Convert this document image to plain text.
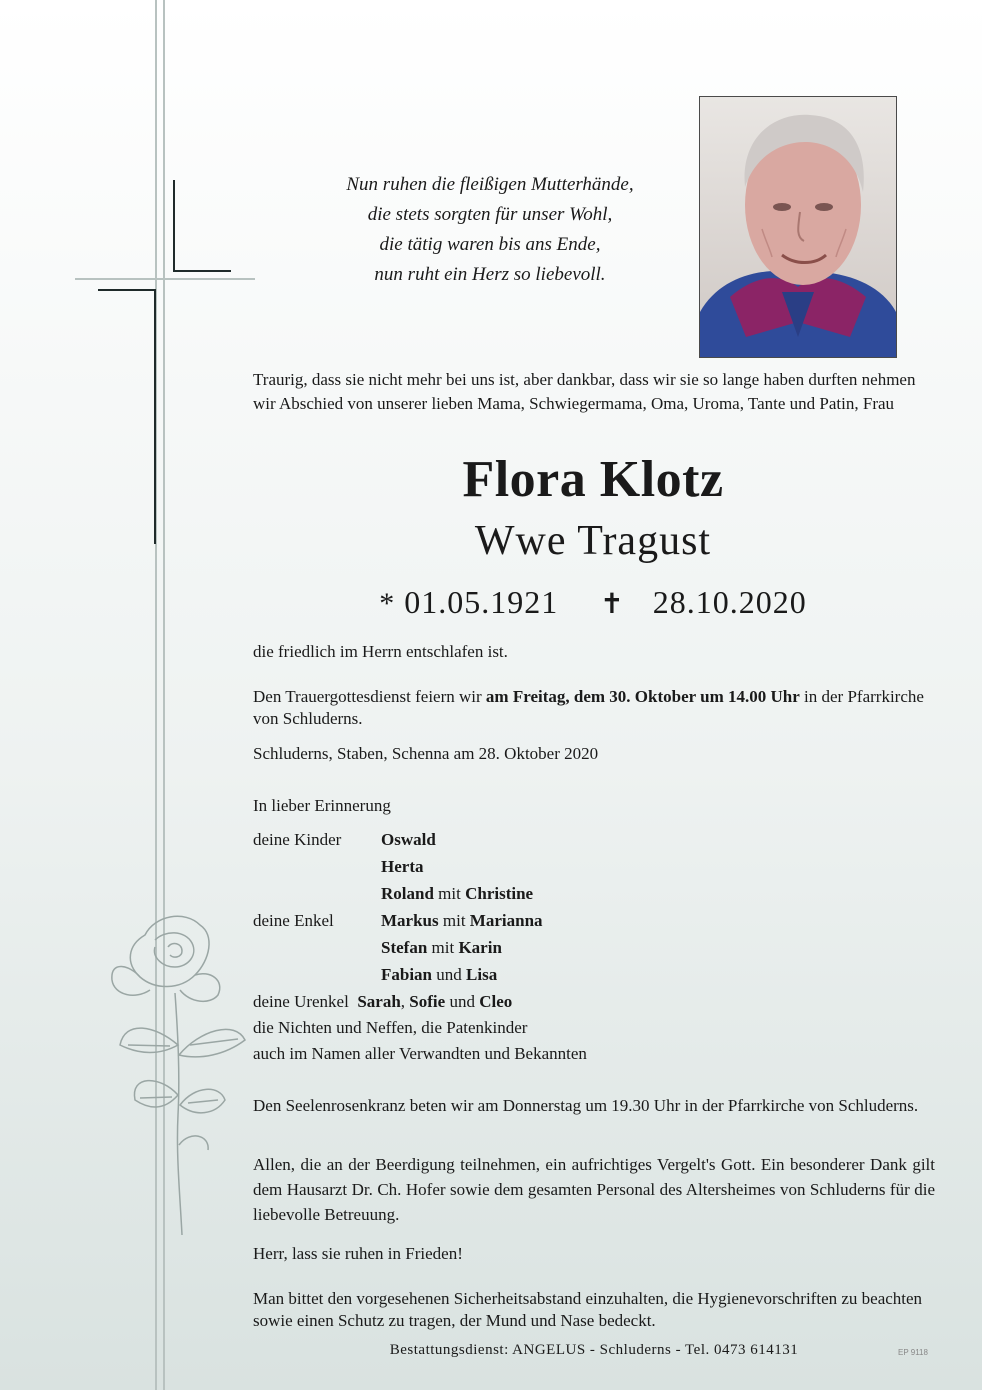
Nun ruhen die fleißigen Mutterhände,
die stets sorgten für unser Wohl,
die tätig waren bis ans Ende,
nun ruht ein Herz so liebevoll.
Traurig, dass sie nicht mehr bei uns ist, aber dankbar, dass wir sie so lange haben durften nehmen wir Abschied von unserer lieben Mama, Schwiegermama, Oma, Uroma, Tante und Patin, Frau
Flora Klotz
Wwe Tragust
* 01.05.1921 ✝ 28.10.2020
die friedlich im Herrn entschlafen ist.
Den Trauergottesdienst feiern wir am Freitag, dem 30. Oktober um 14.00 Uhr in der Pfarrkirche von Schluderns.
Schluderns, Staben, Schenna am 28. Oktober 2020
In lieber Erinnerung
deine Kinder Oswald
Herta
Roland mit Christine
deine Enkel	Markus mit Marianna
Stefan mit Karin
Fabian und Lisa
deine Urenkel Sarah, Sofie und Cleo
die Nichten und Neffen, die Patenkinder
auch im Namen aller Verwandten und Bekannten
Den Seelenrosenkranz beten wir am Donnerstag um 19.30 Uhr in der Pfarrkirche von Schluderns.
Allen, die an der Beerdigung teilnehmen, ein aufrichtiges Vergelt's Gott. Ein besonderer Dank gilt dem Hausarzt Dr. Ch. Hofer sowie dem gesamten Personal des Altersheimes von Schluderns für die liebevolle Betreuung.
Herr, lass sie ruhen in Frieden!
Man bittet den vorgesehenen Sicherheitsabstand einzuhalten, die Hygienevorschriften zu beachten sowie einen Schutz zu tragen, der Mund und Nase bedeckt.
Bestattungsdienst: ANGELUS - Schluderns - Tel. 0473 614131	EP 9118
